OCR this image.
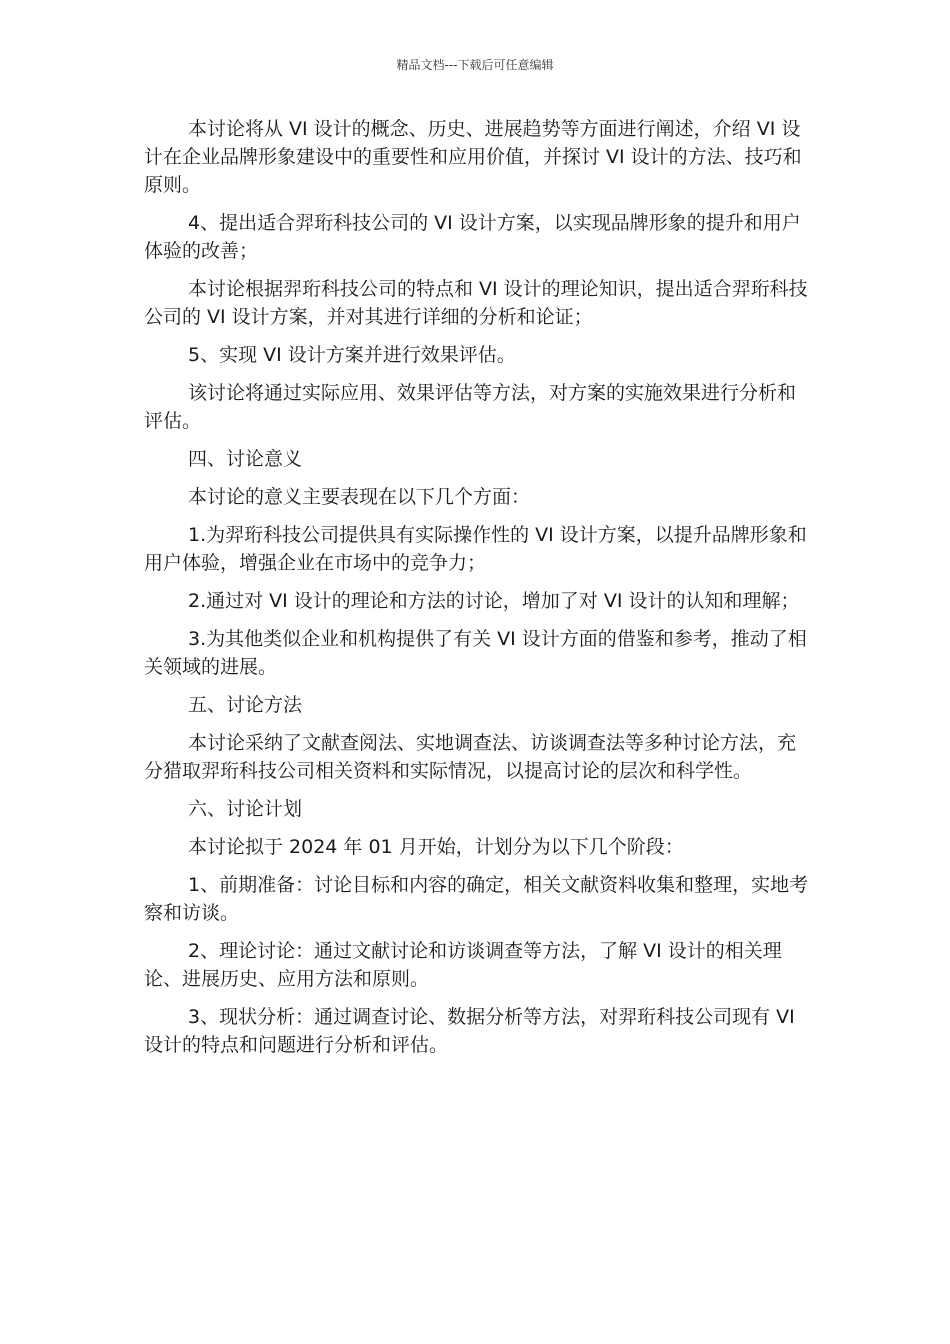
精品文档---下载后可任意编辑

本讨论将从 VI 设计的概念、历史、进展趋势等方面进行阐述，介绍 VI 设计在企业品牌形象建设中的重要性和应用价值，并探讨 VI 设计的方法、技巧和原则。

4、提出适合羿珩科技公司的 VI 设计方案，以实现品牌形象的提升和用户体验的改善；

本讨论根据羿珩科技公司的特点和 VI 设计的理论知识，提出适合羿珩科技公司的 VI 设计方案，并对其进行详细的分析和论证；

5、实现 VI 设计方案并进行效果评估。

该讨论将通过实际应用、效果评估等方法，对方案的实施效果进行分析和评估。

四、讨论意义

本讨论的意义主要表现在以下几个方面：

1.为羿珩科技公司提供具有实际操作性的 VI 设计方案，以提升品牌形象和用户体验，增强企业在市场中的竞争力；

2.通过对 VI 设计的理论和方法的讨论，增加了对 VI 设计的认知和理解；

3.为其他类似企业和机构提供了有关 VI 设计方面的借鉴和参考，推动了相关领域的进展。

五、讨论方法

本讨论采纳了文献查阅法、实地调查法、访谈调查法等多种讨论方法，充分猎取羿珩科技公司相关资料和实际情况，以提高讨论的层次和科学性。

六、讨论计划

本讨论拟于 2024 年 01 月开始，计划分为以下几个阶段：

1、前期准备：讨论目标和内容的确定，相关文献资料收集和整理，实地考察和访谈。

2、理论讨论：通过文献讨论和访谈调查等方法，了解 VI 设计的相关理论、进展历史、应用方法和原则。

3、现状分析：通过调查讨论、数据分析等方法，对羿珩科技公司现有 VI 设计的特点和问题进行分析和评估。
